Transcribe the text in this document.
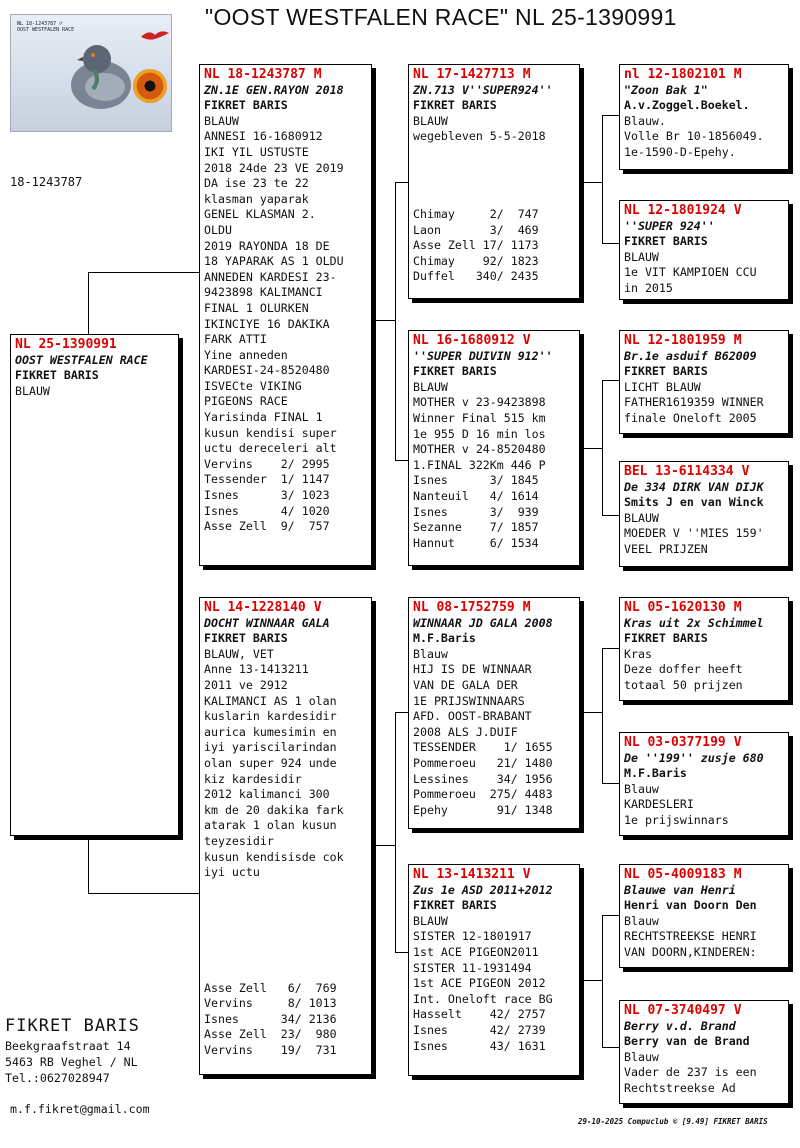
"OOST WESTFALEN RACE" NL 25-1390991
NL 18-1243787 ♂
OOST WESTFALEN RACE
18-1243787
NL 25-1390991
OOST WESTFALEN RACE
FIKRET BARIS
BLAUW
NL 18-1243787 M
ZN.1E GEN.RAYON 2018
FIKRET BARIS
BLAUW
ANNESI 16-1680912
IKI YIL USTUSTE
2018 24de 23 VE 2019
DA ise 23 te 22
klasman yaparak
GENEL KLASMAN 2.
OLDU
2019 RAYONDA 18 DE
18 YAPARAK AS 1 OLDU
ANNEDEN KARDESI 23-
9423898 KALIMANCI
FINAL 1 OLURKEN
IKINCIYE 16 DAKIKA
FARK ATTI
Yine anneden
KARDESI-24-8520480
ISVECte VIKING
PIGEONS RACE
Yarisinda FINAL 1
kusun kendisi super
uctu dereceleri alt
Vervins    2/ 2995
Tessender  1/ 1147
Isnes      3/ 1023
Isnes      4/ 1020
Asse Zell  9/  757
NL 14-1228140 V
DOCHT WINNAAR GALA
FIKRET BARIS
BLAUW, VET
Anne 13-1413211
2011 ve 2912
KALIMANCI AS 1 olan
kuslarin kardesidir
aurica kumesimin en
iyi yariscilarindan
olan super 924 unde
kiz kardesidir
2012 kalimanci 300
km de 20 dakika fark
atarak 1 olan kusun
teyzesidir
kusun kendisisde cok
iyi uctu
Asse Zell   6/  769
Vervins     8/ 1013
Isnes      34/ 2136
Asse Zell  23/  980
Vervins    19/  731
NL 17-1427713 M
ZN.713 V''SUPER924''
FIKRET BARIS
BLAUW
wegebleven 5-5-2018
Chimay     2/  747
Laon       3/  469
Asse Zell 17/ 1173
Chimay    92/ 1823
Duffel   340/ 2435
NL 16-1680912 V
''SUPER DUIVIN 912''
FIKRET BARIS
BLAUW
MOTHER v 23-9423898
Winner Final 515 km
1e 955 D 16 min los
MOTHER v 24-8520480
1.FINAL 322Km 446 P
Isnes      3/ 1845
Nanteuil   4/ 1614
Isnes      3/  939
Sezanne    7/ 1857
Hannut     6/ 1534
NL 08-1752759 M
WINNAAR JD GALA 2008
M.F.Baris
Blauw
HIJ IS DE WINNAAR
VAN DE GALA DER
1E PRIJSWINNAARS
AFD. OOST-BRABANT
2008 ALS J.DUIF
TESSENDER    1/ 1655
Pommeroeu   21/ 1480
Lessines    34/ 1956
Pommeroeu  275/ 4483
Epehy       91/ 1348
NL 13-1413211 V
Zus 1e ASD 2011+2012
FIKRET BARIS
BLAUW
SISTER 12-1801917
1st ACE PIGEON2011
SISTER 11-1931494
1st ACE PIGEON 2012
Int. Oneloft race BG
Hasselt    42/ 2757
Isnes      42/ 2739
Isnes      43/ 1631
nl 12-1802101 M
"Zoon Bak 1"
A.v.Zoggel.Boekel.
Blauw.
Volle Br 10-1856049.
1e-1590-D-Epehy.
NL 12-1801924 V
''SUPER 924''
FIKRET BARIS
BLAUW
1e VIT KAMPIOEN CCU
in 2015
NL 12-1801959 M
Br.1e asduif B62009
FIKRET BARIS
LICHT BLAUW
FATHER1619359 WINNER
finale Oneloft 2005
BEL 13-6114334 V
De 334 DIRK VAN DIJK
Smits J en van Winck
BLAUW
MOEDER V ''MIES 159'
VEEL PRIJZEN
NL 05-1620130 M
Kras uit 2x Schimmel
FIKRET BARIS
Kras
Deze doffer heeft
totaal 50 prijzen
NL 03-0377199 V
De ''199'' zusje 680
M.F.Baris
Blauw
KARDESLERI
1e prijswinnars
NL 05-4009183 M
Blauwe van Henri
Henri van Doorn Den
Blauw
RECHTSTREEKSE HENRI
VAN DOORN,KINDEREN:
NL 07-3740497 V
Berry v.d. Brand
Berry van de Brand
Blauw
Vader de 237 is een
Rechtstreekse Ad
FIKRET BARIS
Beekgraafstraat 14
5463 RB Veghel / NL
Tel.:0627028947
m.f.fikret@gmail.com
29-10-2025 Compuclub © [9.49] FIKRET BARIS
